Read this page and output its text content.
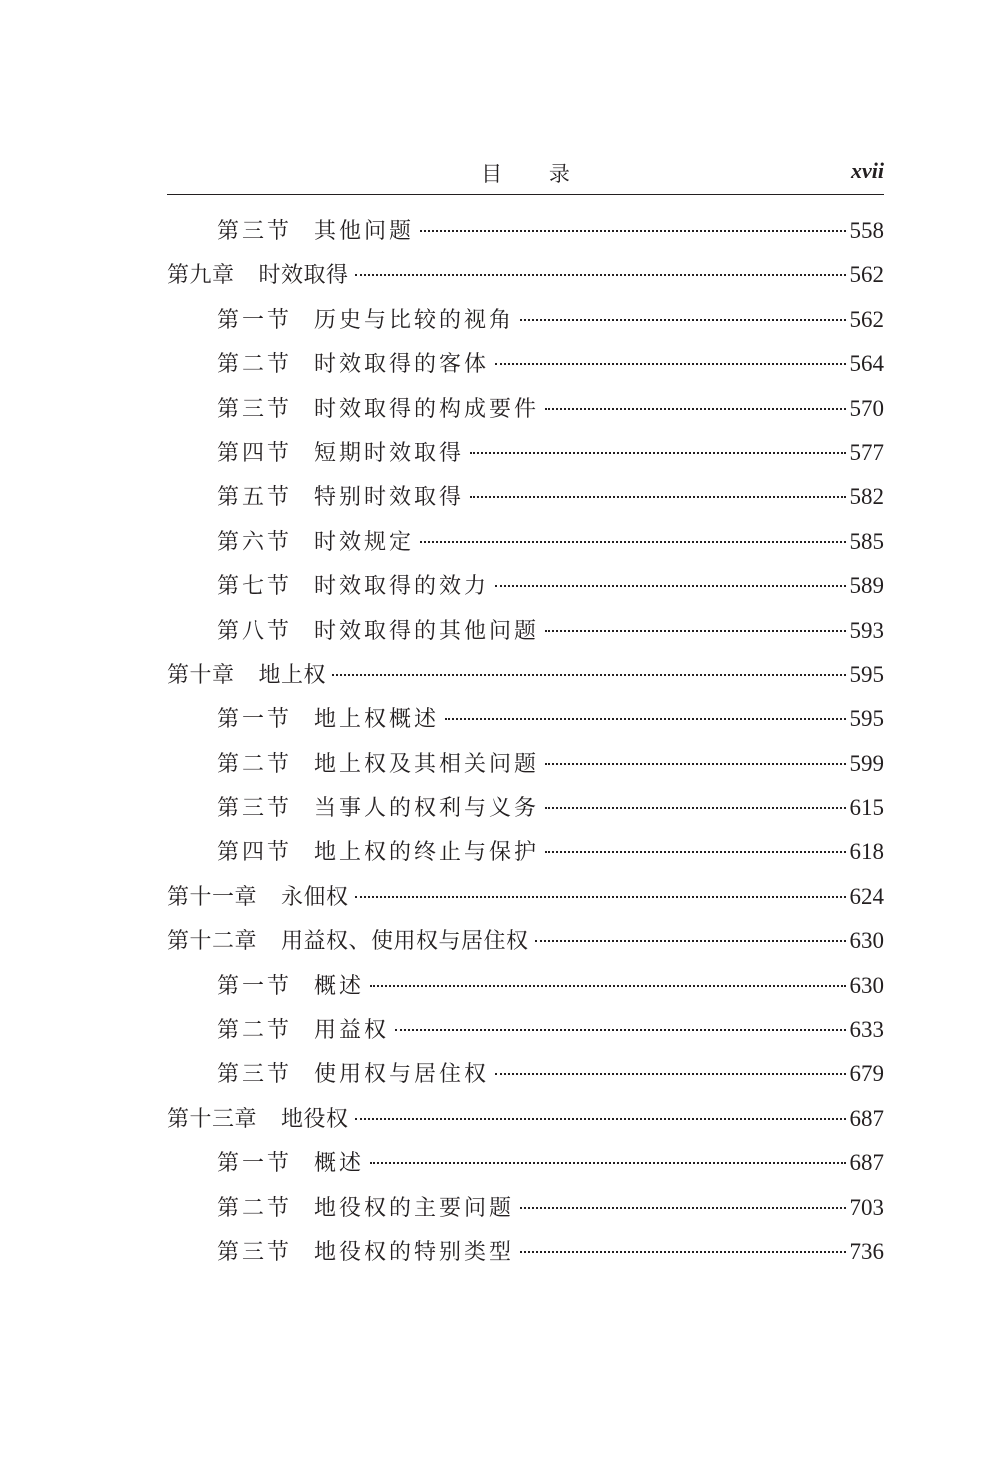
目 录	xvii
第三节 其他问题	558
第九章 时效取得	562
第一节 历史与比较的视角	562
第二节 时效取得的客体	564
第三节 时效取得的构成要件	570
第四节 短期时效取得	577
第五节 特别时效取得	582
第六节 时效规定	585
第七节 时效取得的效力	589
第八节 时效取得的其他问题	593
第十章 地上权	595
第一节 地上权概述	595
第二节 地上权及其相关问题	599
第三节 当事人的权利与义务	615
第四节 地上权的终止与保护	618
第十一章 永佃权	624
第十二章 用益权、使用权与居住权	630
第一节 概述	630
第二节 用益权	633
第三节 使用权与居住权	679
第十三章 地役权	687
第一节 概述	687
第二节 地役权的主要问题	703
第三节 地役权的特别类型	736
